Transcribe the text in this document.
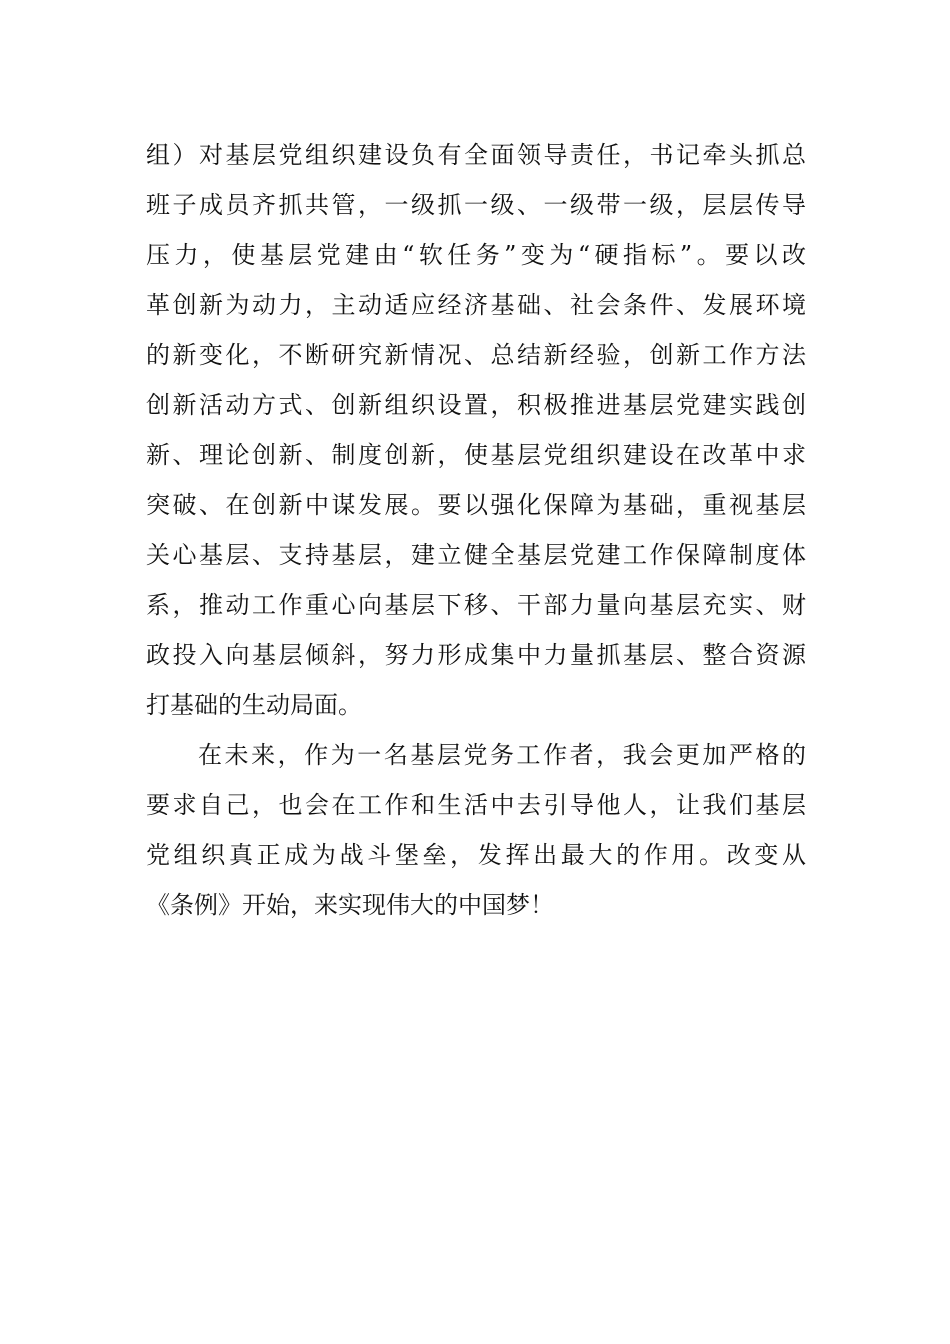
组）对基层党组织建设负有全面领导责任，书记牵头抓总
班子成员齐抓共管，一级抓一级、一级带一级，层层传导
压力，使基层党建由“软任务”变为“硬指标”。要以改
革创新为动力，主动适应经济基础、社会条件、发展环境
的新变化，不断研究新情况、总结新经验，创新工作方法
创新活动方式、创新组织设置，积极推进基层党建实践创
新、理论创新、制度创新，使基层党组织建设在改革中求
突破、在创新中谋发展。要以强化保障为基础，重视基层
关心基层、支持基层，建立健全基层党建工作保障制度体
系，推动工作重心向基层下移、干部力量向基层充实、财
政投入向基层倾斜，努力形成集中力量抓基层、整合资源
打基础的生动局面。
在未来，作为一名基层党务工作者，我会更加严格的
要求自己，也会在工作和生活中去引导他人，让我们基层
党组织真正成为战斗堡垒，发挥出最大的作用。改变从
《条例》开始，来实现伟大的中国梦！
